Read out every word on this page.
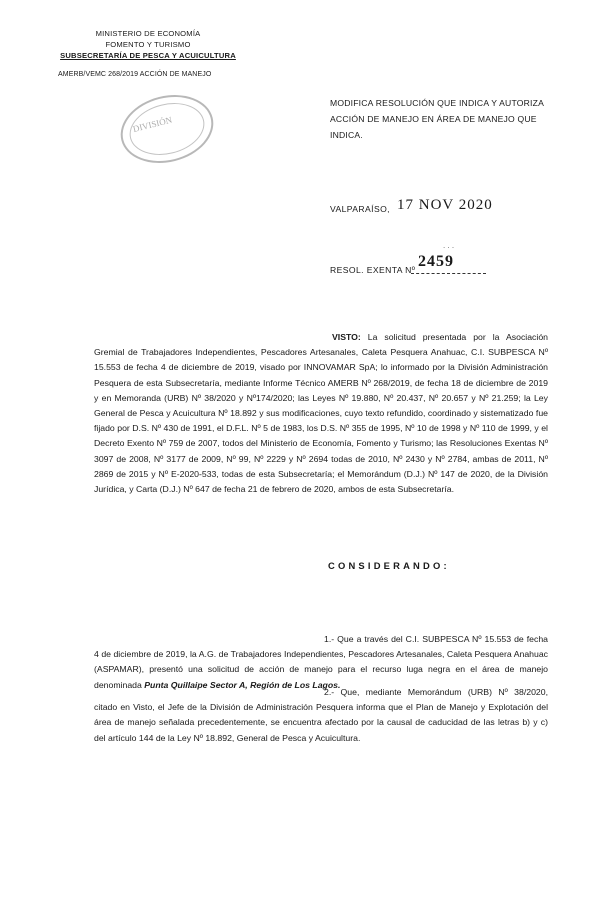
MINISTERIO DE ECONOMÍA
FOMENTO Y TURISMO
SUBSECRETARÍA DE PESCA Y ACUICULTURA
AMERB/VEMC 268/2019 ACCIÓN DE MANEJO
DIVISIÓN
MODIFICA RESOLUCIÓN QUE INDICA Y AUTORIZA ACCIÓN DE MANEJO EN ÁREA DE MANEJO QUE INDICA.
VALPARAÍSO, 17 NOV 2020
RESOL. EXENTA Nº
. . .
2459

VISTO: La solicitud presentada por la Asociación Gremial de Trabajadores Independientes, Pescadores Artesanales, Caleta Pesquera Anahuac, C.I. SUBPESCA Nº 15.553 de fecha 4 de diciembre de 2019, visado por INNOVAMAR SpA; lo informado por la División Administración Pesquera de esta Subsecretaría, mediante Informe Técnico AMERB Nº 268/2019, de fecha 18 de diciembre de 2019 y en Memoranda (URB) Nº 38/2020 y Nº174/2020; las Leyes Nº 19.880, Nº 20.437, Nº 20.657 y Nº 21.259; la Ley General de Pesca y Acuicultura Nº 18.892 y sus modificaciones, cuyo texto refundido, coordinado y sistematizado fue fijado por D.S. Nº 430 de 1991, el D.F.L. Nº 5 de 1983, los D.S. Nº 355 de 1995, Nº 10 de 1998 y Nº 110 de 1999, y el Decreto Exento Nº 759 de 2007, todos del Ministerio de Economía, Fomento y Turismo; las Resoluciones Exentas Nº 3097 de 2008, Nº 3177 de 2009, Nº 99, Nº 2229 y Nº 2694 todas de 2010, Nº 2430 y Nº 2784, ambas de 2011, Nº 2869 de 2015 y Nº E-2020-533, todas de esta Subsecretaría; el Memorándum (D.J.) Nº 147 de 2020, de la División Jurídica, y Carta (D.J.) Nº 647 de fecha 21 de febrero de 2020, ambos de esta Subsecretaría.

CONSIDERANDO:

1.- Que a través del C.I. SUBPESCA Nº 15.553 de fecha 4 de diciembre de 2019, la A.G. de Trabajadores Independientes, Pescadores Artesanales, Caleta Pesquera Anahuac (ASPAMAR), presentó una solicitud de acción de manejo para el recurso luga negra en el área de manejo denominada Punta Quillaipe Sector A, Región de Los Lagos.

2.- Que, mediante Memorándum (URB) Nº 38/2020, citado en Visto, el Jefe de la División de Administración Pesquera informa que el Plan de Manejo y Explotación del área de manejo señalada precedentemente, se encuentra afectado por la causal de caducidad de las letras b) y c) del artículo 144 de la Ley Nº 18.892, General de Pesca y Acuicultura.
